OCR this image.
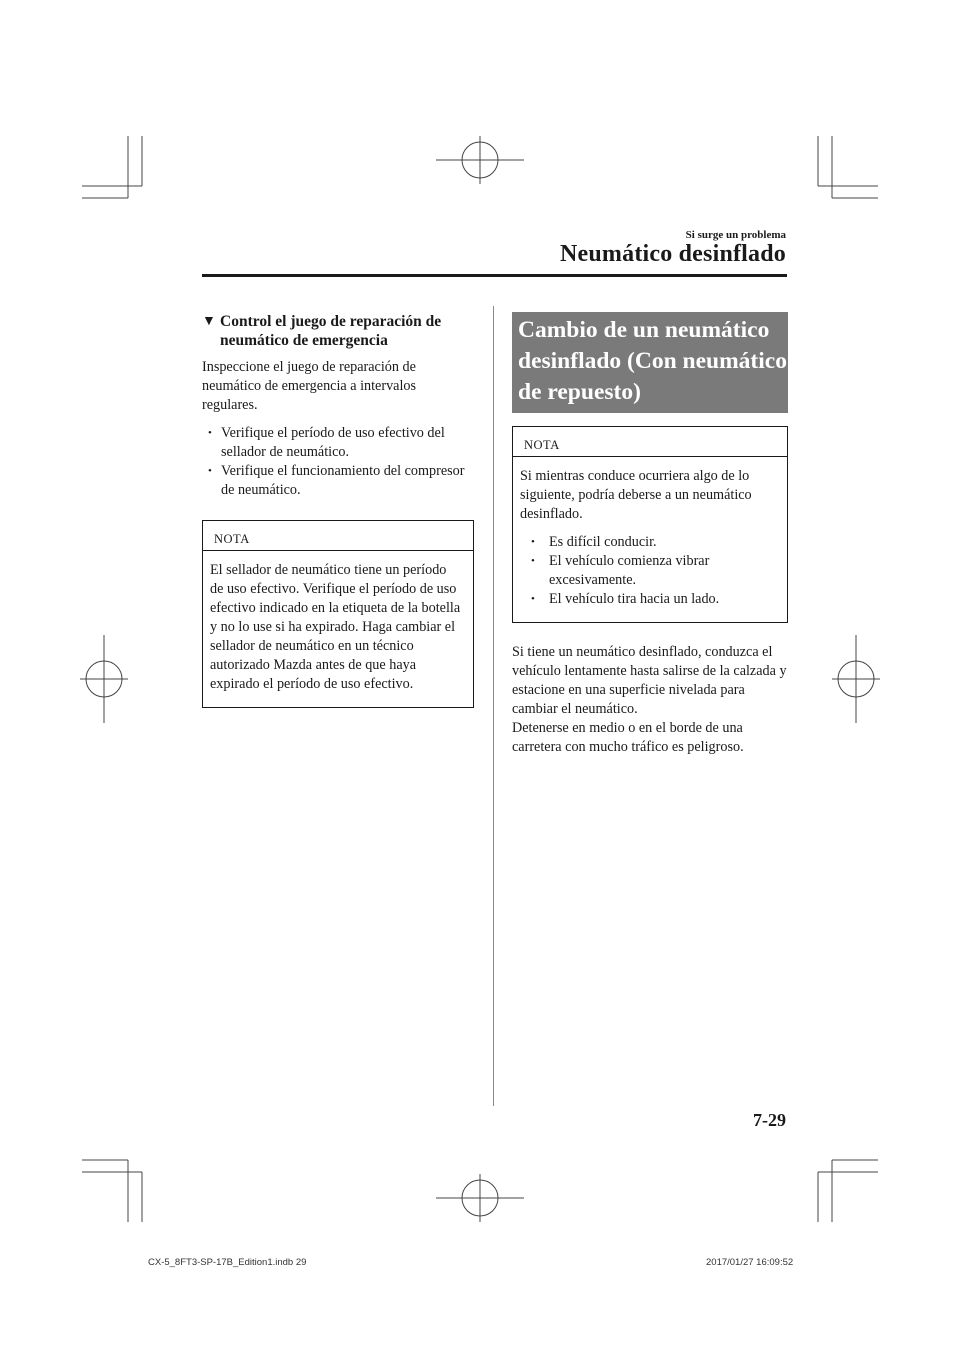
Si surge un problema
Neumático desinflado
▼ Control el juego de reparación de
neumático de emergencia

Inspeccione el juego de reparación de neumático de emergencia a intervalos regulares.

• Verifique el período de uso efectivo del sellador de neumático.
• Verifique el funcionamiento del compresor de neumático.
NOTA

El sellador de neumático tiene un período de uso efectivo. Verifique el período de uso efectivo indicado en la etiqueta de la botella y no lo use si ha expirado. Haga cambiar el sellador de neumático en un técnico autorizado Mazda antes de que haya expirado el período de uso efectivo.

Cambio de un neumático desinflado (Con neumático de repuesto)
NOTA

Si mientras conduce ocurriera algo de lo siguiente, podría deberse a un neumático desinflado.

• Es difícil conducir.
• El vehículo comienza vibrar excesivamente.
• El vehículo tira hacia un lado.

Si tiene un neumático desinflado, conduzca el vehículo lentamente hasta salirse de la calzada y estacione en una superficie nivelada para cambiar el neumático.

Detenerse en medio o en el borde de una carretera con mucho tráfico es peligroso.

7-29
CX-5_8FT3-SP-17B_Edition1.indb 29	2017/01/27 16:09:52
